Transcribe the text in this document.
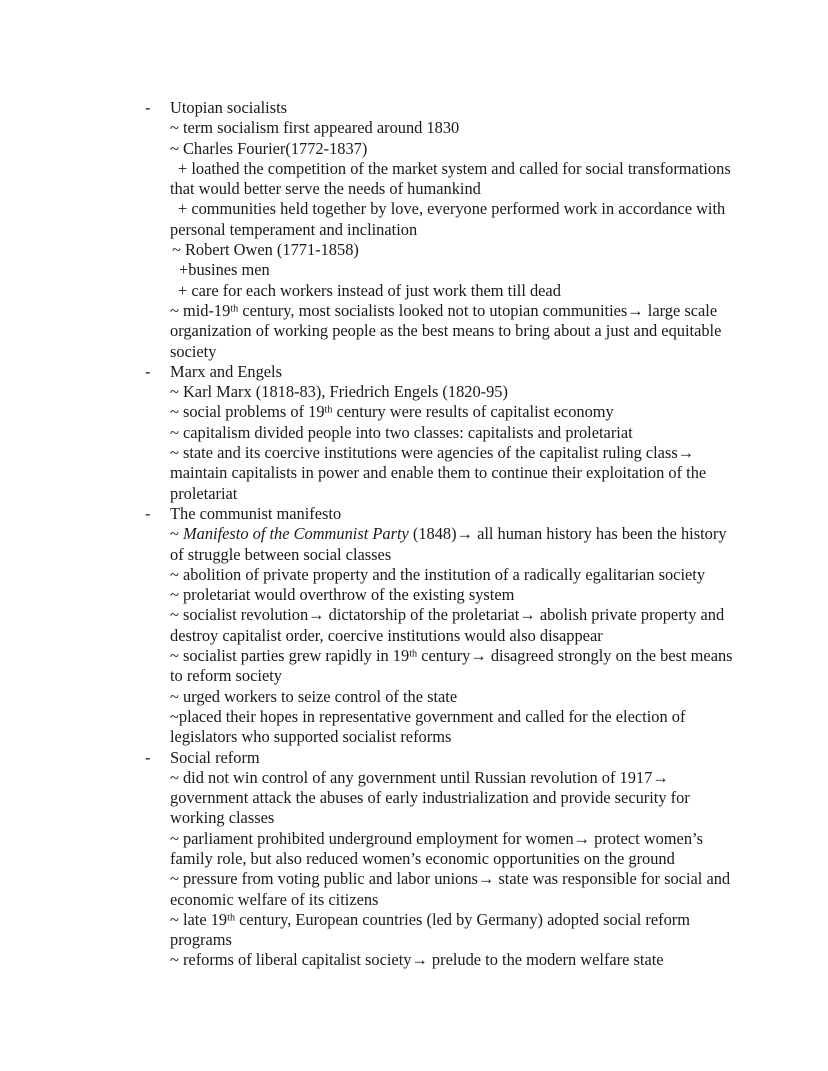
- Utopian socialists
~ term socialism first appeared around 1830
~ Charles Fourier(1772-1837)
+ loathed the competition of the market system and called for social transformations that would better serve the needs of humankind
+ communities held together by love, everyone performed work in accordance with personal temperament and inclination
~ Robert Owen (1771-1858)
+busines men
+ care for each workers instead of just work them till dead
~ mid-19th century, most socialists looked not to utopian communities→ large scale organization of working people as the best means to bring about a just and equitable society
- Marx and Engels
~ Karl Marx (1818-83), Friedrich Engels (1820-95)
~ social problems of 19th century were results of capitalist economy
~ capitalism divided people into two classes: capitalists and proletariat
~ state and its coercive institutions were agencies of the capitalist ruling class→ maintain capitalists in power and enable them to continue their exploitation of the proletariat
- The communist manifesto
~ Manifesto of the Communist Party (1848)→ all human history has been the history of struggle between social classes
~ abolition of private property and the institution of a radically egalitarian society
~ proletariat would overthrow of the existing system
~ socialist revolution→ dictatorship of the proletariat→ abolish private property and destroy capitalist order, coercive institutions would also disappear
~ socialist parties grew rapidly in 19th century→ disagreed strongly on the best means to reform society
~ urged workers to seize control of the state
~placed their hopes in representative government and called for the election of legislators who supported socialist reforms
- Social reform
~ did not win control of any government until Russian revolution of 1917→ government attack the abuses of early industrialization and provide security for working classes
~ parliament prohibited underground employment for women→ protect women’s family role, but also reduced women’s economic opportunities on the ground
~ pressure from voting public and labor unions→ state was responsible for social and economic welfare of its citizens
~ late 19th century, European countries (led by Germany) adopted social reform programs
~ reforms of liberal capitalist society→ prelude to the modern welfare state
